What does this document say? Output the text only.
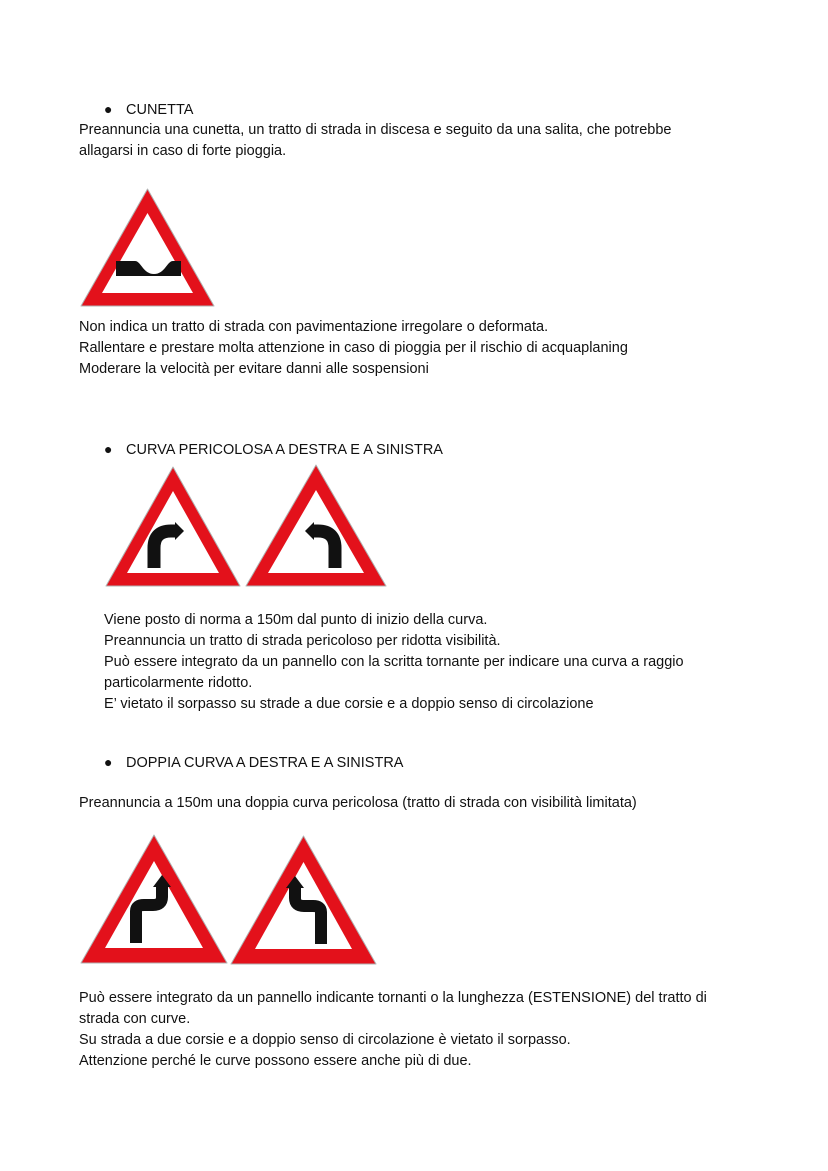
● CUNETTA
Preannuncia una cunetta, un tratto di strada in discesa e seguito da una salita, che potrebbe
allagarsi in caso di forte pioggia.
Non indica un tratto di strada con pavimentazione irregolare o deformata.
Rallentare e prestare molta attenzione in caso di pioggia per il rischio di acquaplaning
Moderare la velocità per evitare danni alle sospensioni
● CURVA PERICOLOSA A DESTRA E A SINISTRA
Viene posto di norma a 150m dal punto di inizio della curva.
Preannuncia un tratto di strada pericoloso per ridotta visibilità.
Può essere integrato da un pannello con la scritta tornante per indicare una curva a raggio
particolarmente ridotto.
E’ vietato il sorpasso su strade a due corsie e a doppio senso di circolazione
● DOPPIA CURVA A DESTRA E A SINISTRA
Preannuncia a 150m una doppia curva pericolosa (tratto di strada con visibilità limitata)
Può essere integrato da un pannello indicante tornanti o la lunghezza (ESTENSIONE) del tratto di
strada con curve.
Su strada a due corsie e a doppio senso di circolazione è vietato il sorpasso.
Attenzione perché le curve possono essere anche più di due.
